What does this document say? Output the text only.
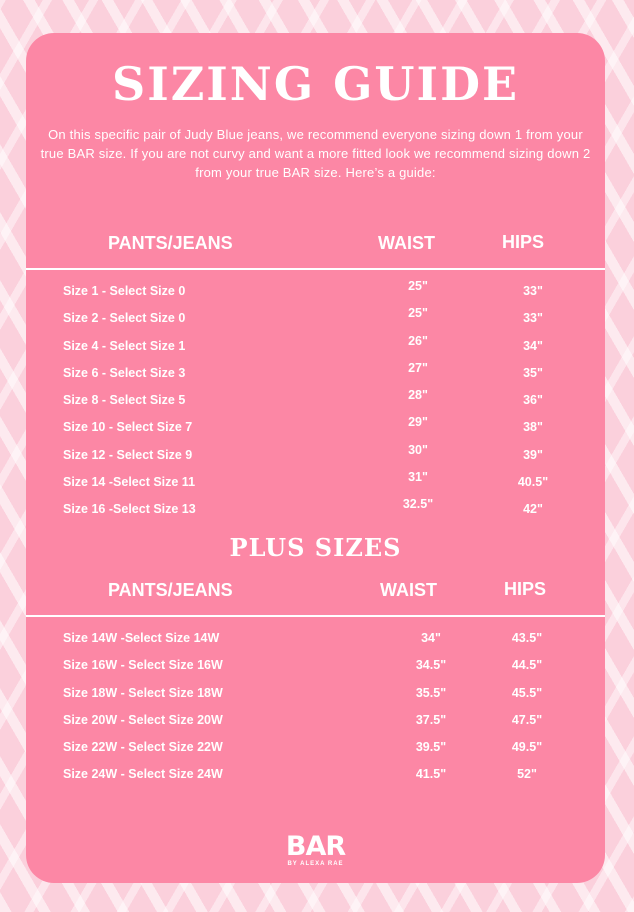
SIZING GUIDE

On this specific pair of Judy Blue jeans, we recommend everyone sizing down 1 from your true BAR size. If you are not curvy and want a more fitted look we recommend sizing down 2 from your true BAR size. Here’s a guide:

PANTS/JEANS	WAIST	HIPS

Size 1 - Select Size 0	25"	33"
Size 2 - Select Size 0	25"	33"
Size 4 - Select Size 1	26"	34"
Size 6 - Select Size 3	27"	35"
Size 8 - Select Size 5	28"	36"
Size 10 - Select Size 7	29"	38"
Size 12 - Select Size 9	30"	39"
Size 14 -Select Size 11	31"	40.5"
Size 16 -Select Size 13	32.5"	42"
PLUS SIZES

PANTS/JEANS	WAIST	HIPS

Size 14W -Select Size 14W	34"	43.5"
Size 16W - Select Size 16W	34.5"	44.5"
Size 18W - Select Size 18W	35.5"	45.5"
Size 20W - Select Size 20W	37.5"	47.5"
Size 22W - Select Size 22W	39.5"	49.5"
Size 24W - Select Size 24W	41.5"	52"
BAR
BY ALEXA RAE
